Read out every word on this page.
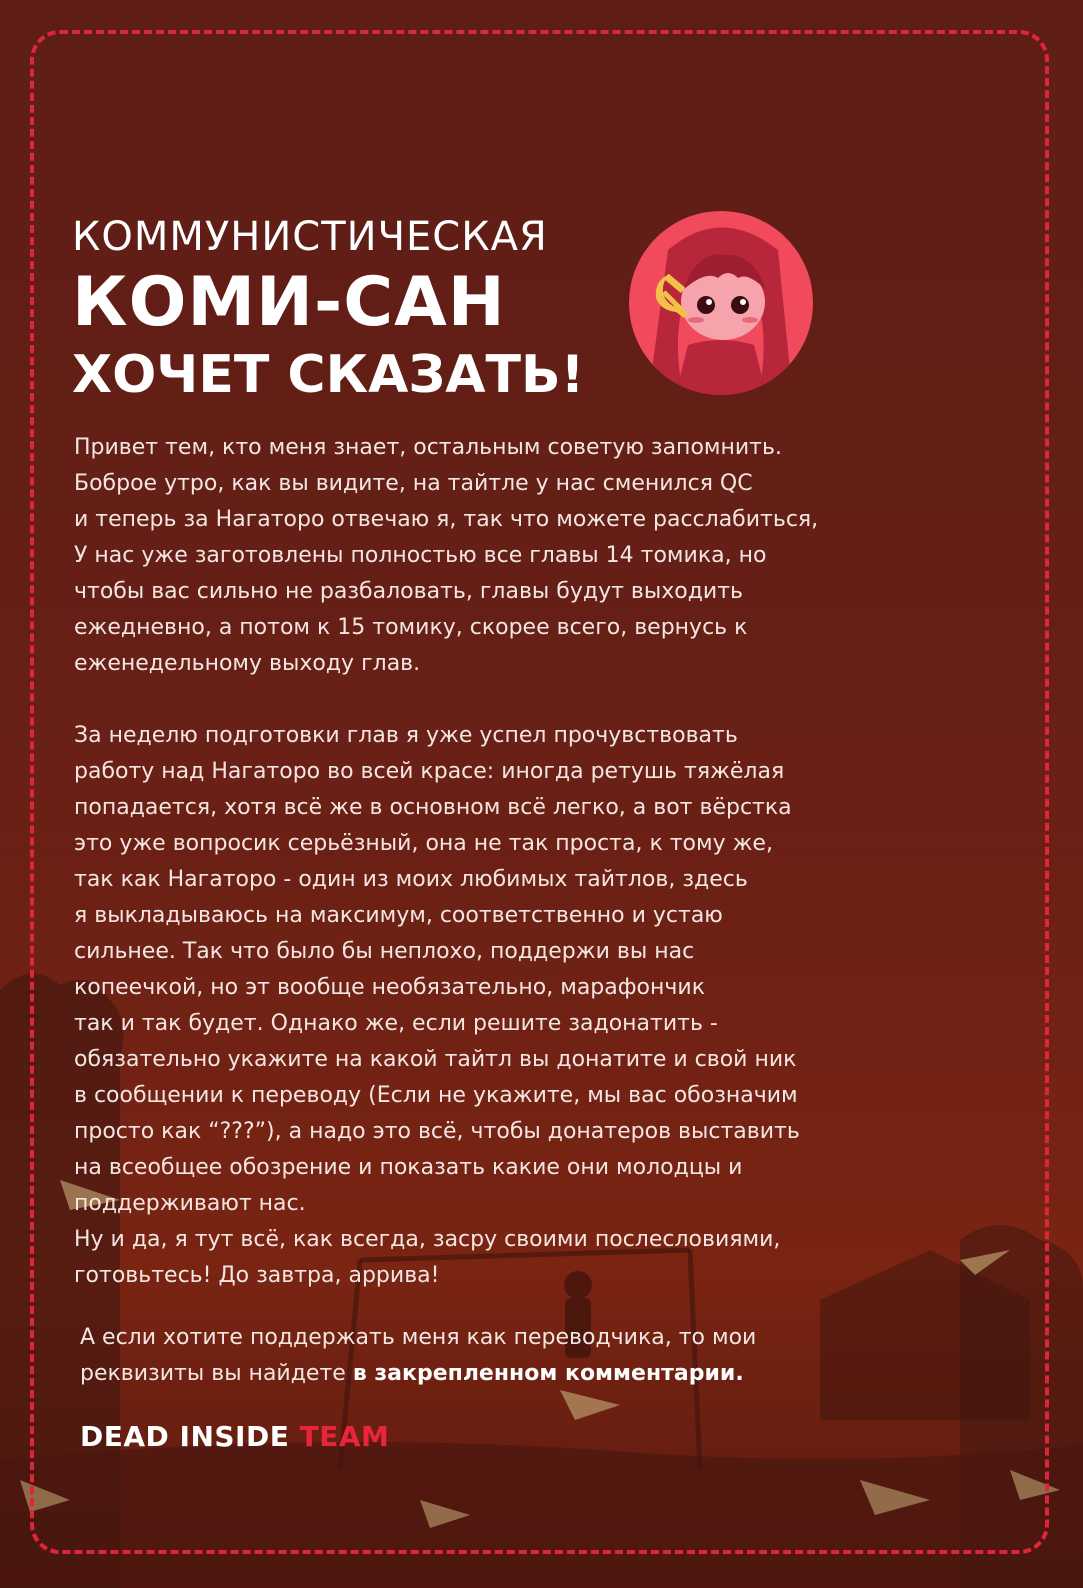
КОММУНИСТИЧЕСКАЯ
КОМИ-САН
ХОЧЕТ СКАЗАТЬ!

Привет тем, кто меня знает, остальным советую запомнить.

Боброе утро, как вы видите, на тайтле у нас сменился QC

и теперь за Нагаторо отвечаю я, так что можете расслабиться,

У нас уже заготовлены полностью все главы 14 томика, но

чтобы вас сильно не разбаловать, главы будут выходить

ежедневно, а потом к 15 томику, скорее всего, вернусь к

еженедельному выходу глав.

За неделю подготовки глав я уже успел прочувствовать

работу над Нагаторо во всей красе: иногда ретушь тяжёлая

попадается, хотя всё же в основном всё легко, а вот вёрстка

это уже вопросик серьёзный, она не так проста, к тому же,

так как Нагаторо - один из моих любимых тайтлов, здесь

я выкладываюсь на максимум, соответственно и устаю

сильнее. Так что было бы неплохо, поддержи вы нас

копеечкой, но эт вообще необязательно, марафончик

так и так будет. Однако же, если решите задонатить -

обязательно укажите на какой тайтл вы донатите и свой ник

в сообщении к переводу (Если не укажите, мы вас обозначим

просто как “???”), а надо это всё, чтобы донатеров выставить

на всеобщее обозрение и показать какие они молодцы и

поддерживают нас.

Ну и да, я тут всё, как всегда, засру своими послесловиями,

готовьтесь! До завтра, аррива!

А если хотите поддержать меня как переводчика, то мои

реквизиты вы найдете в закрепленном комментарии.

DEAD INSIDE TEAM
